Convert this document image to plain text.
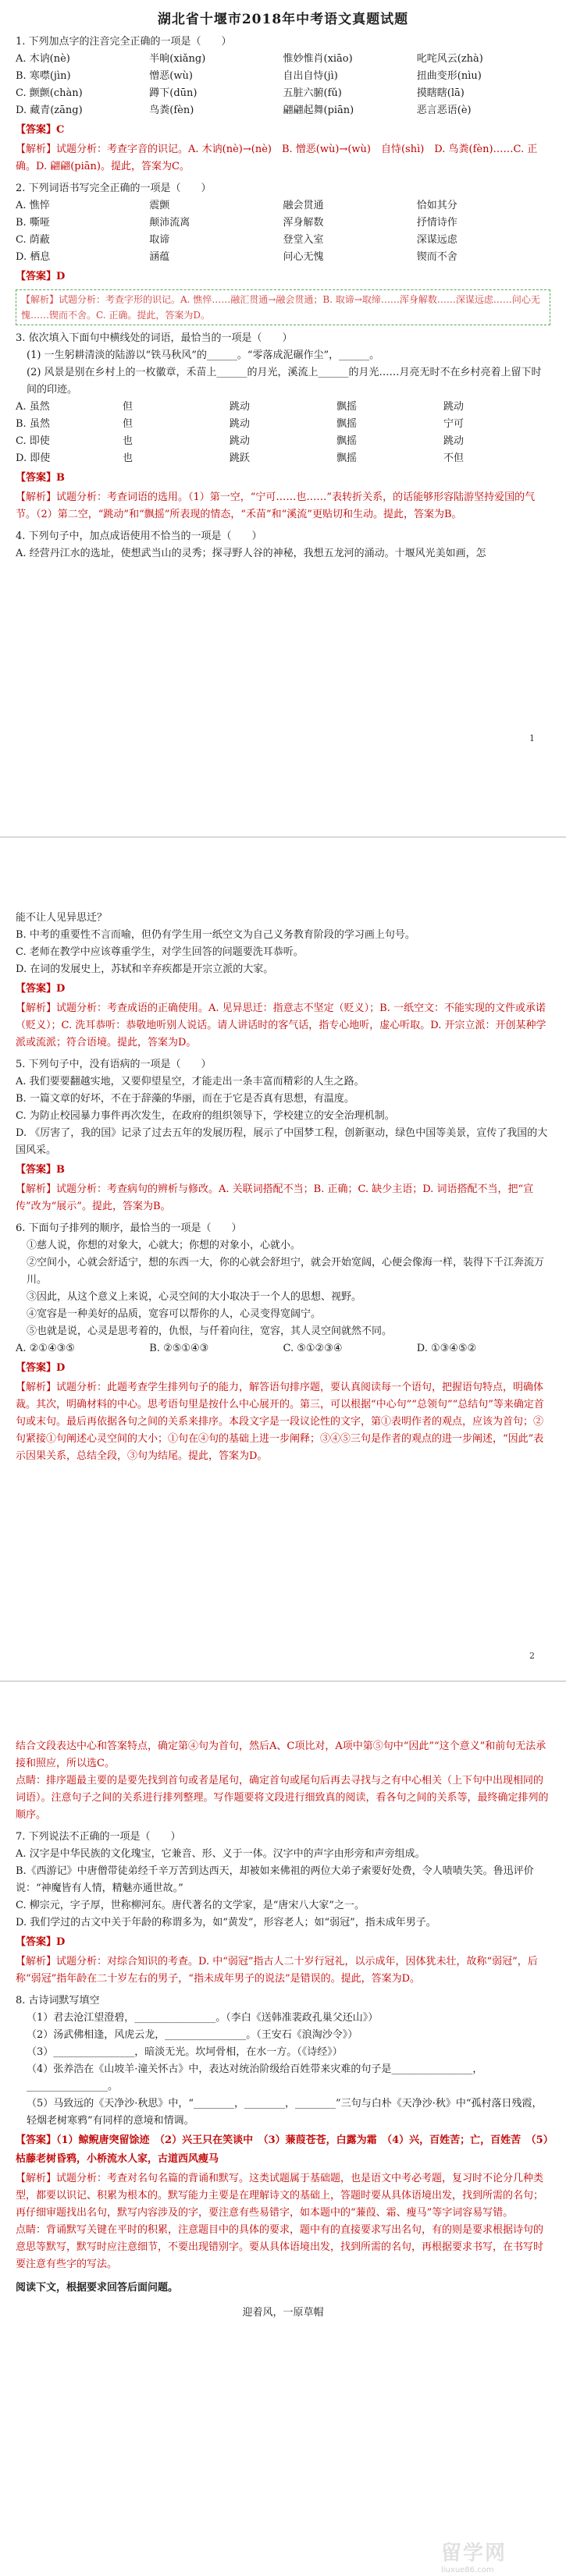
湖北省十堰市2018年中考语文真题试题

1. 下列加点字的注音完全正确的一项是（　　）

A. 木讷(nè)	半晌(xiǎng)	惟妙惟肖(xiāo)	叱咤风云(zhà)
B. 寒噤(jìn)	憎恶(wù)	自出自恃(jì)	扭曲变形(nìu)
C. 颤颤(chàn)	蹲下(dūn)	五脏六腑(fǔ)	摸瞎瞎(lā)
D. 藏青(zāng)	鸟粪(fèn)	翩翩起舞(piān)	恶言恶语(è)

【答案】C

【解析】试题分析：考查字音的识记。A. 木讷(nè)→(nè)　B. 憎恶(wù)→(wù)　自恃(shì)　D. 鸟粪(fèn)……C. 正确。D. 翩翩(piān)。提此，答案为C。

2. 下列词语书写完全正确的一项是（　　）

A. 憔悴	震颤	融会贯通	恰如其分
B. 嘶哑	颠沛流离	浑身解数	抒情诗作
C. 荫蔽	取谛	登堂入室	深谋远虑
D. 栖息	涵蕴	问心无愧	锲而不舍

【答案】D

【解析】试题分析：考查字形的识记。A. 憔悴……融汇贯通→融会贯通；B. 取谛→取缔……浑身解数……深谋远虑……问心无愧……锲而不舍。C. 正确。提此，答案为D。

3. 依次填入下面句中横线处的词语，最恰当的一项是（　　）

(1) 一生躬耕清淡的陆游以“铁马秋风”的______。“零落成泥碾作尘”，______。

(2) 风景是别在乡村上的一枚徽章，禾苗上______的月光，溪流上______的月光……月亮无时不在乡村亮着上留下时间的印迹。

A. 虽然	但	跳动	飘摇	跳动
B. 虽然	但	跳动	飘摇	宁可
C. 即使	也	跳动	飘摇	跳动
D. 即使	也	跳跃	飘摇	不但

【答案】B

【解析】试题分析：考查词语的选用。（1）第一空，“宁可……也……”表转折关系，的话能够形容陆游坚持爱国的气节。（2）第二空，“跳动”和“飘摇”所表现的情态，“禾苗”和“溪流”更贴切和生动。提此，答案为B。

4. 下列句子中，加点成语使用不恰当的一项是（　　）

A. 经营丹江水的选址，使想武当山的灵秀；探寻野人谷的神秘，我想五龙河的涌动。十堰风光美如画，怎

1

能不让人见异思迁？

B. 中考的重要性不言而喻，但仍有学生用一纸空文为自己义务教育阶段的学习画上句号。

C. 老师在教学中应该尊重学生，对学生回答的问题要洗耳恭听。

D. 在词的发展史上，苏轼和辛弃疾都是开宗立派的大家。

【答案】D

【解析】试题分析：考查成语的正确使用。A. 见异思迁：指意志不坚定（贬义）；B. 一纸空文：不能实现的文件或承诺（贬义）；C. 洗耳恭听：恭敬地听别人说话。请人讲话时的客气话，指专心地听，虚心听取。D. 开宗立派：开创某种学派或流派；符合语境。提此，答案为D。

5. 下列句子中，没有语病的一项是（　　）

A. 我们要要翻越实地，又要仰望星空，才能走出一条丰富而精彩的人生之路。

B. 一篇文章的好坏，不在于辞藻的华丽，而在于它是否真有思想，有温度。

C. 为防止校园暴力事件再次发生，在政府的组织领导下，学校建立的安全治理机制。

D. 《厉害了，我的国》记录了过去五年的发展历程，展示了中国梦工程，创新驱动，绿色中国等美景，宣传了我国的大国风采。

【答案】B

【解析】试题分析：考查病句的辨析与修改。A. 关联词搭配不当；B. 正确；C. 缺少主语；D. 词语搭配不当，把“宣传”改为“展示”。提此，答案为B。

6. 下面句子排列的顺序，最恰当的一项是（　　）

①慈人说，你想的对象大，心就大；你想的对象小，心就小。

②空间小，心就会舒适宁，想的东西一大，你的心就会舒坦宁，就会开始宽阔，心便会像海一样，装得下千江奔流万川。

③因此，从这个意义上来说，心灵空间的大小取决于一个人的思想、视野。

④宽容是一种美好的品质，宽容可以帮你的人，心灵变得宽阔宁。

⑤也就是说，心灵是思考着的，仇恨，与仟着向往，宽容，其人灵空间就然不同。

A. ②①④③⑤	B. ②⑤①④③	C. ⑤①②③④	D. ①③④⑤②

【答案】D

【解析】试题分析：此题考查学生排列句子的能力，解答语句排序题，要认真阅读每一个语句，把握语句特点，明确体裁。其次，明确材料的中心。思考语句里是按什么中心展开的。第三，可以根据“中心句”“总领句”“总结句”等来确定首句或末句。最后再依据各句之间的关系来排序。本段文字是一段议论性的文字，第①表明作者的观点，应该为首句；②句紧接①句阐述心灵空间的大小；①句在④句的基础上进一步阐释；③④⑤三句是作者的观点的进一步阐述，“因此”表示因果关系，总结全段，③句为结尾。提此，答案为D。

2

结合文段表达中心和答案特点，确定第④句为首句，然后A、C项比对，A项中第⑤句中“因此”“这个意义”和前句无法承接和照应，所以选C。

点睛：排序题最主要的是要先找到首句或者是尾句，确定首句或尾句后再去寻找与之有中心相关（上下句中出现相同的词语）。注意句子之间的关系进行排列整理。写作题要将文段进行细致真的阅读，看各句之间的关系等，最终确定排列的顺序。

7. 下列说法不正确的一项是（　　）

A. 汉字是中华民族的文化瑰宝，它兼音、形、义于一体。汉字中的声字由形旁和声旁组成。

B.《西游记》中唐僧带徒弟经千辛万苦到达西天，却被如来佛祖的两位大弟子索要好处费，令人啧啧失笑。鲁迅评价说：“神魔皆有人情，精魅亦通世故。”

C. 柳宗元，字子厚，世称柳河东。唐代著名的文学家，是“唐宋八大家”之一。

D. 我们学过的古文中关于年龄的称谓多为，如“黄发”，形容老人；如“弱冠”，指未成年男子。

【答案】D

【解析】试题分析：对综合知识的考查。D. 中“弱冠”指古人二十岁行冠礼，以示成年，因体犹未壮，故称“弱冠”，后称“弱冠”指年龄在二十岁左右的男子，“指未成年男子的说法”是错误的。提此，答案为D。

8. 古诗词默写填空

（1）君去沧江望澄碧，________________。（李白《送韩准裴政孔巢父还山》）

（2）汤武佛相逢，风虎云龙，________________。（王安石《浪淘沙令》）

（3）________________，暗淡无光。坎坷骨相，在水一方。（《诗经》）

（4）张养浩在《山坡羊·潼关怀古》中，表达对统治阶级给百姓带来灾难的句子是________________，________________。

（5）马致远的《天净沙·秋思》中，“________，________，________”三句与白朴《天净沙·秋》中“孤村落日残霞，轻烟老树寒鸦”有同样的意境和情调。

【答案】（1）鲸鲵唐突留馀迹　（2）兴王只在笑谈中　（3）蒹葭苍苍，白露为霜　（4）兴，百姓苦；亡，百姓苦　（5）枯藤老树昏鸦，小桥流水人家，古道西风瘦马

【解析】试题分析：考查对名句名篇的背诵和默写。这类试题属于基础题，也是语文中考必考题，复习时不论分几种类型，都要以识记、积累为根本的。默写能力主要是在理解诗文的基础上，答题时要从具体语境出发，找到所需的名句；再仔细审题找出名句，默写内容涉及的字，要注意有些易错字，如本题中的“蒹葭、霜、瘦马”等字词容易写错。

点睛：背诵默写关键在平时的积累，注意题目中的具体的要求，题中有的直接要求写出名句，有的则是要求根据诗句的意思等默写，默写时应注意细节，不要出现错别字。要从具体语境出发，找到所需的名句，再根据要求书写，在书写时要注意有些字的写法。

阅读下文，根据要求回答后面问题。

迎着风，一原草帽

留学网
liuxue86.com
